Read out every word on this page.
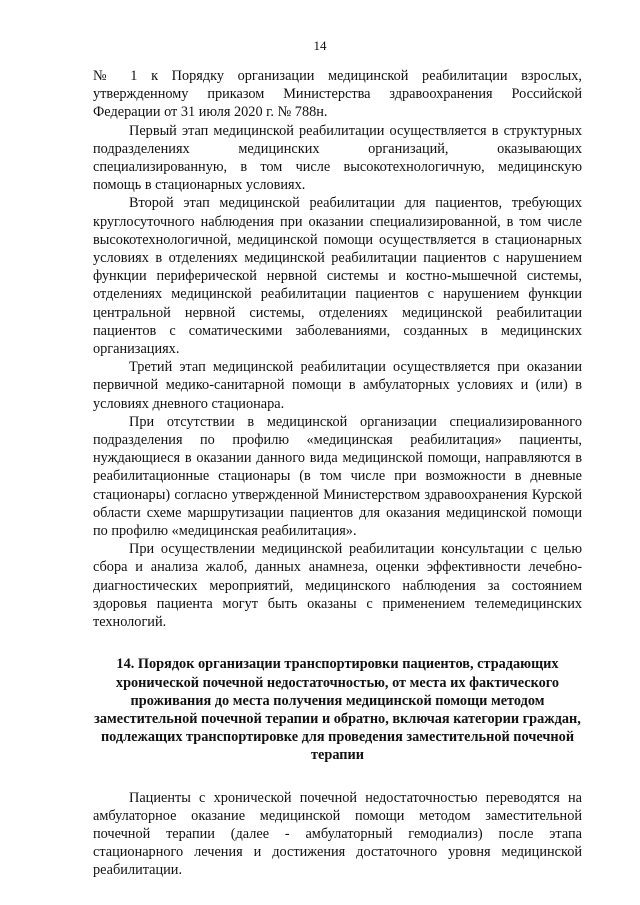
14

№ 1 к Порядку организации медицинской реабилитации взрослых, утвержденному приказом Министерства здравоохранения Российской Федерации от 31 июля 2020 г. № 788н.

Первый этап медицинской реабилитации осуществляется в структурных подразделениях медицинских организаций, оказывающих специализированную, в том числе высокотехнологичную, медицинскую помощь в стационарных условиях.

Второй этап медицинской реабилитации для пациентов, требующих круглосуточного наблюдения при оказании специализированной, в том числе высокотехнологичной, медицинской помощи осуществляется в стационарных условиях в отделениях медицинской реабилитации пациентов с нарушением функции периферической нервной системы и костно-мышечной системы, отделениях медицинской реабилитации пациентов с нарушением функции центральной нервной системы, отделениях медицинской реабилитации пациентов с соматическими заболеваниями, созданных в медицинских организациях.

Третий этап медицинской реабилитации осуществляется при оказании первичной медико-санитарной помощи в амбулаторных условиях и (или) в условиях дневного стационара.

При отсутствии в медицинской организации специализированного подразделения по профилю «медицинская реабилитация» пациенты, нуждающиеся в оказании данного вида медицинской помощи, направляются в реабилитационные стационары (в том числе при возможности в дневные стационары) согласно утвержденной Министерством здравоохранения Курской области схеме маршрутизации пациентов для оказания медицинской помощи по профилю «медицинская реабилитация».

При осуществлении медицинской реабилитации консультации с целью сбора и анализа жалоб, данных анамнеза, оценки эффективности лечебно-диагностических мероприятий, медицинского наблюдения за состоянием здоровья пациента могут быть оказаны с применением телемедицинских технологий.

14. Порядок организации транспортировки пациентов, страдающих хронической почечной недостаточностью, от места их фактического проживания до места получения медицинской помощи методом заместительной почечной терапии и обратно, включая категории граждан, подлежащих транспортировке для проведения заместительной почечной терапии

Пациенты с хронической почечной недостаточностью переводятся на амбулаторное оказание медицинской помощи методом заместительной почечной терапии (далее - амбулаторный гемодиализ) после этапа стационарного лечения и достижения достаточного уровня медицинской реабилитации.
